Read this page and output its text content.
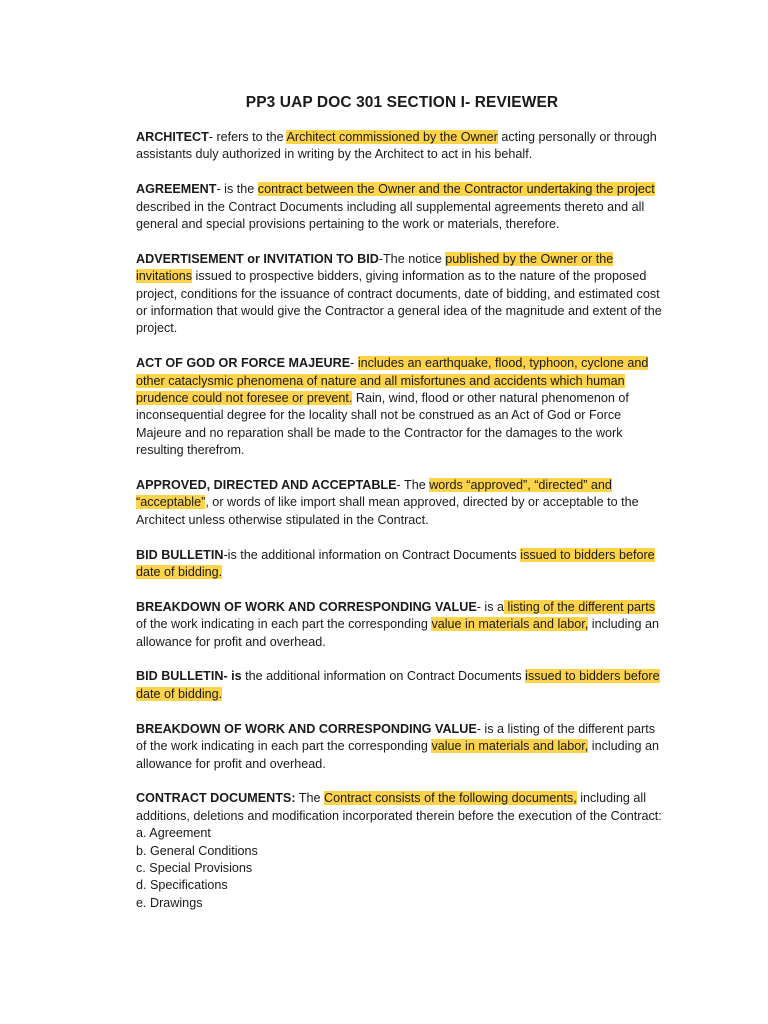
PP3 UAP DOC 301 SECTION I- REVIEWER
ARCHITECT- refers to the Architect commissioned by the Owner acting personally or through assistants duly authorized in writing by the Architect to act in his behalf.
AGREEMENT- is the contract between the Owner and the Contractor undertaking the project described in the Contract Documents including all supplemental agreements thereto and all general and special provisions pertaining to the work or materials, therefore.
ADVERTISEMENT or INVITATION TO BID-The notice published by the Owner or the invitations issued to prospective bidders, giving information as to the nature of the proposed project, conditions for the issuance of contract documents, date of bidding, and estimated cost or information that would give the Contractor a general idea of the magnitude and extent of the project.
ACT OF GOD OR FORCE MAJEURE- includes an earthquake, flood, typhoon, cyclone and other cataclysmic phenomena of nature and all misfortunes and accidents which human prudence could not foresee or prevent. Rain, wind, flood or other natural phenomenon of inconsequential degree for the locality shall not be construed as an Act of God or Force Majeure and no reparation shall be made to the Contractor for the damages to the work resulting therefrom.
APPROVED, DIRECTED AND ACCEPTABLE- The words “approved”, “directed” and “acceptable”, or words of like import shall mean approved, directed by or acceptable to the Architect unless otherwise stipulated in the Contract.
BID BULLETIN-is the additional information on Contract Documents issued to bidders before date of bidding.
BREAKDOWN OF WORK AND CORRESPONDING VALUE- is a listing of the different parts of the work indicating in each part the corresponding value in materials and labor, including an allowance for profit and overhead.
BID BULLETIN- is the additional information on Contract Documents issued to bidders before date of bidding.
BREAKDOWN OF WORK AND CORRESPONDING VALUE- is a listing of the different parts of the work indicating in each part the corresponding value in materials and labor, including an allowance for profit and overhead.
CONTRACT DOCUMENTS: The Contract consists of the following documents, including all additions, deletions and modification incorporated therein before the execution of the Contract:
a. Agreement
b. General Conditions
c. Special Provisions
d. Specifications
e. Drawings
